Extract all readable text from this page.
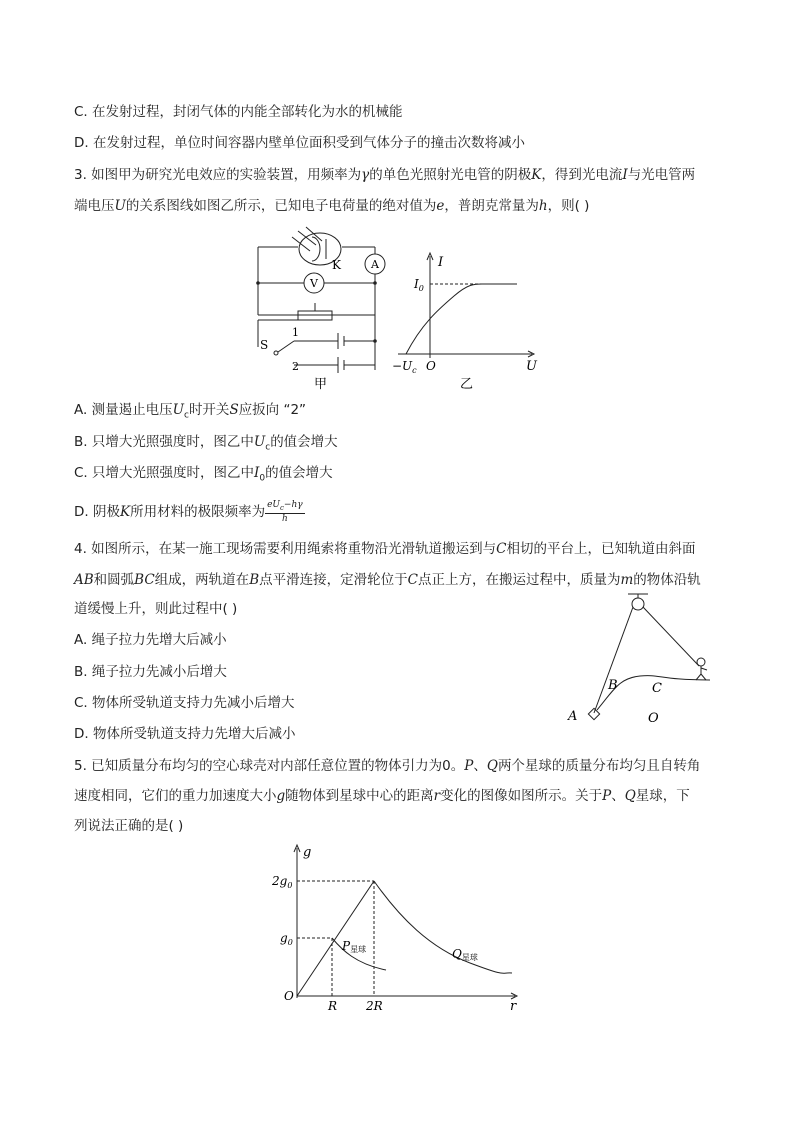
C. 在发射过程，封闭气体的内能全部转化为水的机械能
D. 在发射过程，单位时间容器内壁单位面积受到气体分子的撞击次数将减小
3. 如图甲为研究光电效应的实验装置，用频率为γ的单色光照射光电管的阴极K，得到光电流I与光电管两
端电压U的关系图线如图乙所示，已知电子电荷量的绝对值为e，普朗克常量为h，则( )
K	A
V
S
1
2
甲
I
$I_0$
$-U_c$ O	U
乙
A. 测量遏止电压$U_c$时开关S应扳向 “2”
B. 只增大光照强度时，图乙中$U_c$的值会增大
C. 只增大光照强度时，图乙中$I_0$的值会增大
D. 阴极K所用材料的极限频率为 $\frac{eU_c-h\gamma}{h}$
4. 如图所示，在某一施工现场需要利用绳索将重物沿光滑轨道搬运到与C相切的平台上，已知轨道由斜面
AB和圆弧BC组成，两轨道在B点平滑连接，定滑轮位于C点正上方，在搬运过程中，质量为m的物体沿轨
道缓慢上升，则此过程中( )
A. 绳子拉力先增大后减小
B. 绳子拉力先减小后增大
C. 物体所受轨道支持力先减小后增大
D. 物体所受轨道支持力先增大后减小
A
B	C
O
5. 已知质量分布均匀的空心球壳对内部任意位置的物体引力为0。P、Q两个星球的质量分布均匀且自转角
速度相同，它们的重力加速度大小g随物体到星球中心的距离r变化的图像如图所示。关于P、Q星球，下
列说法正确的是( )
g
$2g_0$
$g_0$
O
R 2R	r
P星球	Q星球
